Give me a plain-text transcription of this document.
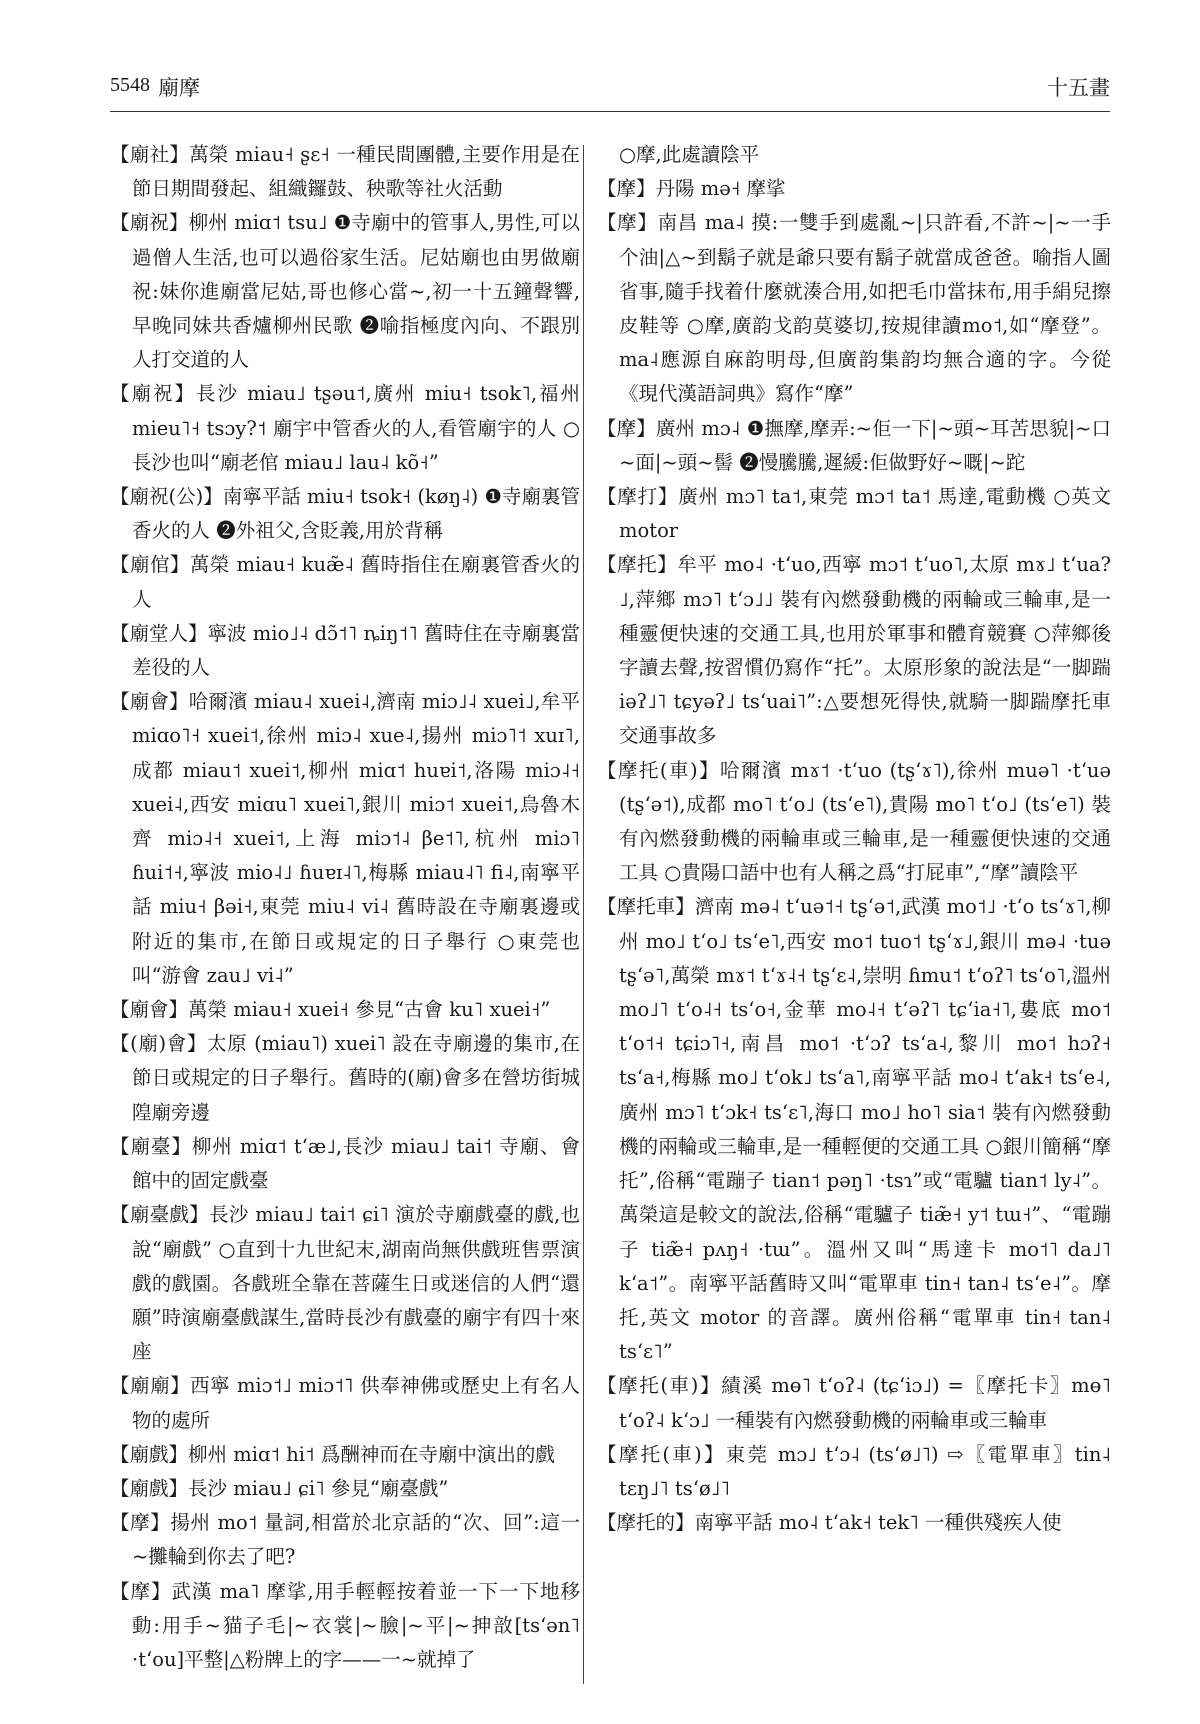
5548 廟摩	十五畫

【廟社】萬榮 miau˧ ʂɛ˧ 一種民間團體,主要作用是在節日期間發起、組織鑼鼓、秧歌等社火活動

【廟祝】柳州 miɑ˦ tsu˩ ❶寺廟中的管事人,男性,可以過僧人生活,也可以過俗家生活。尼姑廟也由男做廟祝:妹你進廟當尼姑,哥也修心當~,初一十五鐘聲響,早晚同妹共香爐柳州民歌 ❷喻指極度內向、不跟別人打交道的人

【廟祝】長沙 miau˩ tʂəu˦,廣州 miu˧ tsok˥,福州 mieu˥˧ tsɔy?˦ 廟宇中管香火的人,看管廟宇的人 ○長沙也叫“廟老倌 miau˩ lau˨ kõ˧”

【廟祝(公)】南寧平話 miu˧ tsok˧ (køŋ˨) ❶寺廟裏管香火的人 ❷外祖父,含貶義,用於背稱

【廟倌】萬榮 miau˧ kuæ̃˨ 舊時指住在廟裏管香火的人

【廟堂人】寧波 mio˩˨ dɔ̃˦˥ ȵiŋ˦˥ 舊時住在寺廟裏當差役的人

【廟會】哈爾濱 miau˨ xuei˨,濟南 miɔ˩˨ xuei˩,牟平 miɑo˥˧ xuei˦,徐州 miɔ˨ xue˨,揚州 miɔ˥˦ xuɪ˥,成都 miau˦ xuei˦,柳州 miɑ˦ huɐi˦,洛陽 miɔ˨˧ xuei˨,西安 miɑu˥ xuei˥,銀川 miɔ˦ xuei˦,烏魯木齊 miɔ˨˧ xuei˦,上海 miɔ˦˨ βe˦˥,杭州 miɔ˥ ɦui˦˧,寧波 mio˨˩ ɦuɐɪ˨˥,梅縣 miau˨˥ fi˨,南寧平話 miu˧ βəi˧,東莞 miu˨ vi˨ 舊時設在寺廟裏邊或附近的集市,在節日或規定的日子舉行 ○東莞也叫“游會 zau˩ vi˨”

【廟會】萬榮 miau˧ xuei˧ 參見“古會 ku˥ xuei˧”

【(廟)會】太原 (miau˥) xuei˥ 設在寺廟邊的集市,在節日或規定的日子舉行。舊時的(廟)會多在營坊街城隍廟旁邊

【廟臺】柳州 miɑ˦ tʻæ˩,長沙 miau˩ tai˦ 寺廟、會館中的固定戲臺

【廟臺戲】長沙 miau˩ tai˦ ɕi˥ 演於寺廟戲臺的戲,也說“廟戲” ○直到十九世紀末,湖南尚無供戲班售票演戲的戲園。各戲班全靠在菩薩生日或迷信的人們“還願”時演廟臺戲謀生,當時長沙有戲臺的廟宇有四十來座

【廟廟】西寧 miɔ˦˩ miɔ˦˥ 供奉神佛或歷史上有名人物的處所

【廟戲】柳州 miɑ˦ hi˦ 爲酬神而在寺廟中演出的戲

【廟戲】長沙 miau˩ ɕi˥ 參見“廟臺戲”

【摩】揚州 mo˦ 量詞,相當於北京話的“次、回”:這一~攤輪到你去了吧?

【摩】武漢 ma˥ 摩挲,用手輕輕按着並一下一下地移動:用手~猫子毛|~衣裳|~臉|~平|~抻敨[tsʻən˥ ·tʻou]平整|△粉牌上的字——一~就掉了

○摩,此處讀陰平

【摩】丹陽 mə˧ 摩挲

【摩】南昌 ma˨ 摸:一雙手到處亂~|只許看,不許~|~一手个油|△~到鬍子就是爺只要有鬍子就當成爸爸。喻指人圖省事,隨手找着什麼就湊合用,如把毛巾當抹布,用手絹兒擦皮鞋等 ○摩,廣韵戈韵莫婆切,按規律讀mo˦,如“摩登”。ma˨應源自麻韵明母,但廣韵集韵均無合適的字。今從《現代漢語詞典》寫作“摩”

【摩】廣州 mɔ˨ ❶撫摩,摩弄:~佢一下|~頭~耳苦思貌|~口~面|~頭~髻 ❷慢騰騰,遲緩:佢做野好~嘅|~跎

【摩打】廣州 mɔ˥ ta˦,東莞 mɔ˦ ta˦ 馬達,電動機 ○英文 motor

【摩托】牟平 mo˨ ·tʻuo,西寧 mɔ˦ tʻuo˥,太原 mɤ˩ tʻua?˩,萍鄉 mɔ˥ tʻɔ˩˩ 裝有內燃發動機的兩輪或三輪車,是一種靈便快速的交通工具,也用於軍事和體育競賽 ○萍鄉後字讀去聲,按習慣仍寫作“托”。太原形象的說法是“一脚踹 iəʔ˩˥ tɕyəʔ˩ tsʻuai˥”:△要想死得快,就騎一脚踹摩托車交通事故多

【摩托(車)】哈爾濱 mɤ˦ ·tʻuo (tʂʻɤ˥),徐州 muə˥ ·tʻuə (tʂʻə˦),成都 mo˥ tʻo˩ (tsʻe˥),貴陽 mo˥ tʻo˩ (tsʻe˥) 裝有內燃發動機的兩輪車或三輪車,是一種靈便快速的交通工具 ○貴陽口語中也有人稱之爲“打屁車”,“摩”讀陰平

【摩托車】濟南 mə˨ tʻuə˦˧ tʂʻə˦,武漢 mo˦˩ ·tʻo tsʻɤ˥,柳州 mo˩ tʻo˩ tsʻe˥,西安 mo˦ tuo˦ tʂʻɤ˩,銀川 mə˨ ·tuə tʂʻə˥,萬榮 mɤ˦ tʻɤ˨˧ tʂʻɛ˨,崇明 ɦmu˦ tʻoʔ˥ tsʻo˥,溫州 mo˩˥ tʻo˨˧ tsʻo˧,金華 mo˨˧ tʻəʔ˥ tɕʻia˧˥,婁底 mo˦ tʻo˦˧ tɕiɔ˥˧,南昌 mo˦ ·tʻɔʔ tsʻa˨,黎川 mo˦ hɔʔ˧ tsʻa˧,梅縣 mo˩ tʻok˩ tsʻa˥,南寧平話 mo˨ tʻak˧ tsʻe˨,廣州 mɔ˥ tʻɔk˧ tsʻɛ˥,海口 mo˩ ho˥ sia˦ 裝有內燃發動機的兩輪或三輪車,是一種輕便的交通工具 ○銀川簡稱“摩托”,俗稱“電蹦子 tian˦ pəŋ˥ ·tsɿ”或“電驢 tian˦ ly˨”。萬榮這是較文的說法,俗稱“電驢子 tiæ̃˧ y˦ tɯ˧”、“電蹦子 tiæ̃˧ pʌŋ˧ ·tɯ”。溫州又叫“馬達卡 mo˦˥ da˩˥ kʻa˦”。南寧平話舊時又叫“電單車 tin˧ tan˨ tsʻe˨”。摩托,英文 motor 的音譯。廣州俗稱“電單車 tin˧ tan˨ tsʻɛ˥”

【摩托(車)】績溪 mɵ˥ tʻoʔ˨ (tɕʻiɔ˩) =〖摩托卡〗mɵ˥ tʻoʔ˨ kʻɔ˩ 一種裝有內燃發動機的兩輪車或三輪車

【摩托(車)】東莞 mɔ˩ tʻɔ˨ (tsʻø˩˥) ⇨〖電單車〗tin˨ tɛŋ˩˥ tsʻø˩˥

【摩托的】南寧平話 mo˨ tʻak˧ tek˥ 一種供殘疾人使
